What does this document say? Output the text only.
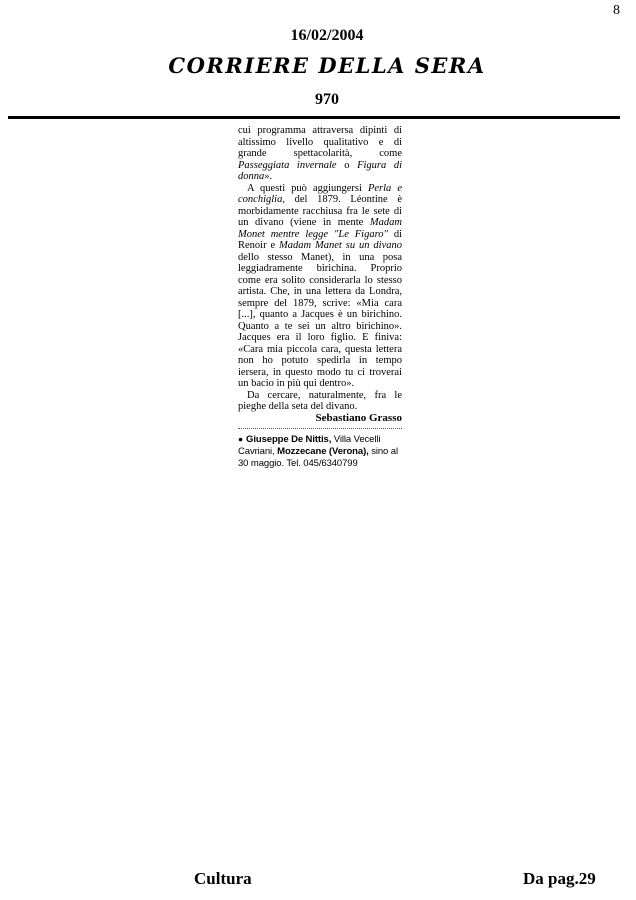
8
16/02/2004
CORRIERE DELLA SERA
970

cui programma attraversa dipinti di altissimo livello qualitativo e di grande spettacolarità, come Passeggiata invernale o Figura di donna».

A questi può aggiungersi Perla e conchiglia, del 1879. Léontine è morbidamente racchiusa fra le sete di un divano (viene in mente Madam Monet mentre legge "Le Figaro" di Renoir e Madam Manet su un divano dello stesso Manet), in una posa leggiadramente birichina. Proprio come era solito considerarla lo stesso artista. Che, in una lettera da Londra, sempre del 1879, scrive: «Mia cara [...], quanto a Jacques è un birichino. Quanto a te sei un altro birichino». Jacques era il loro figlio. E finiva: «Cara mia piccola cara, questa lettera non ho potuto spedirla in tempo iersera, in questo modo tu ci troverai un bacio in più qui dentro».

Da cercare, naturalmente, fra le pieghe della seta del divano.

Sebastiano Grasso

● Giuseppe De Nittis, Villa Vecelli Cavriani, Mozzecane (Verona), sino al 30 maggio. Tel. 045/6340799

Cultura	Da pag.29
